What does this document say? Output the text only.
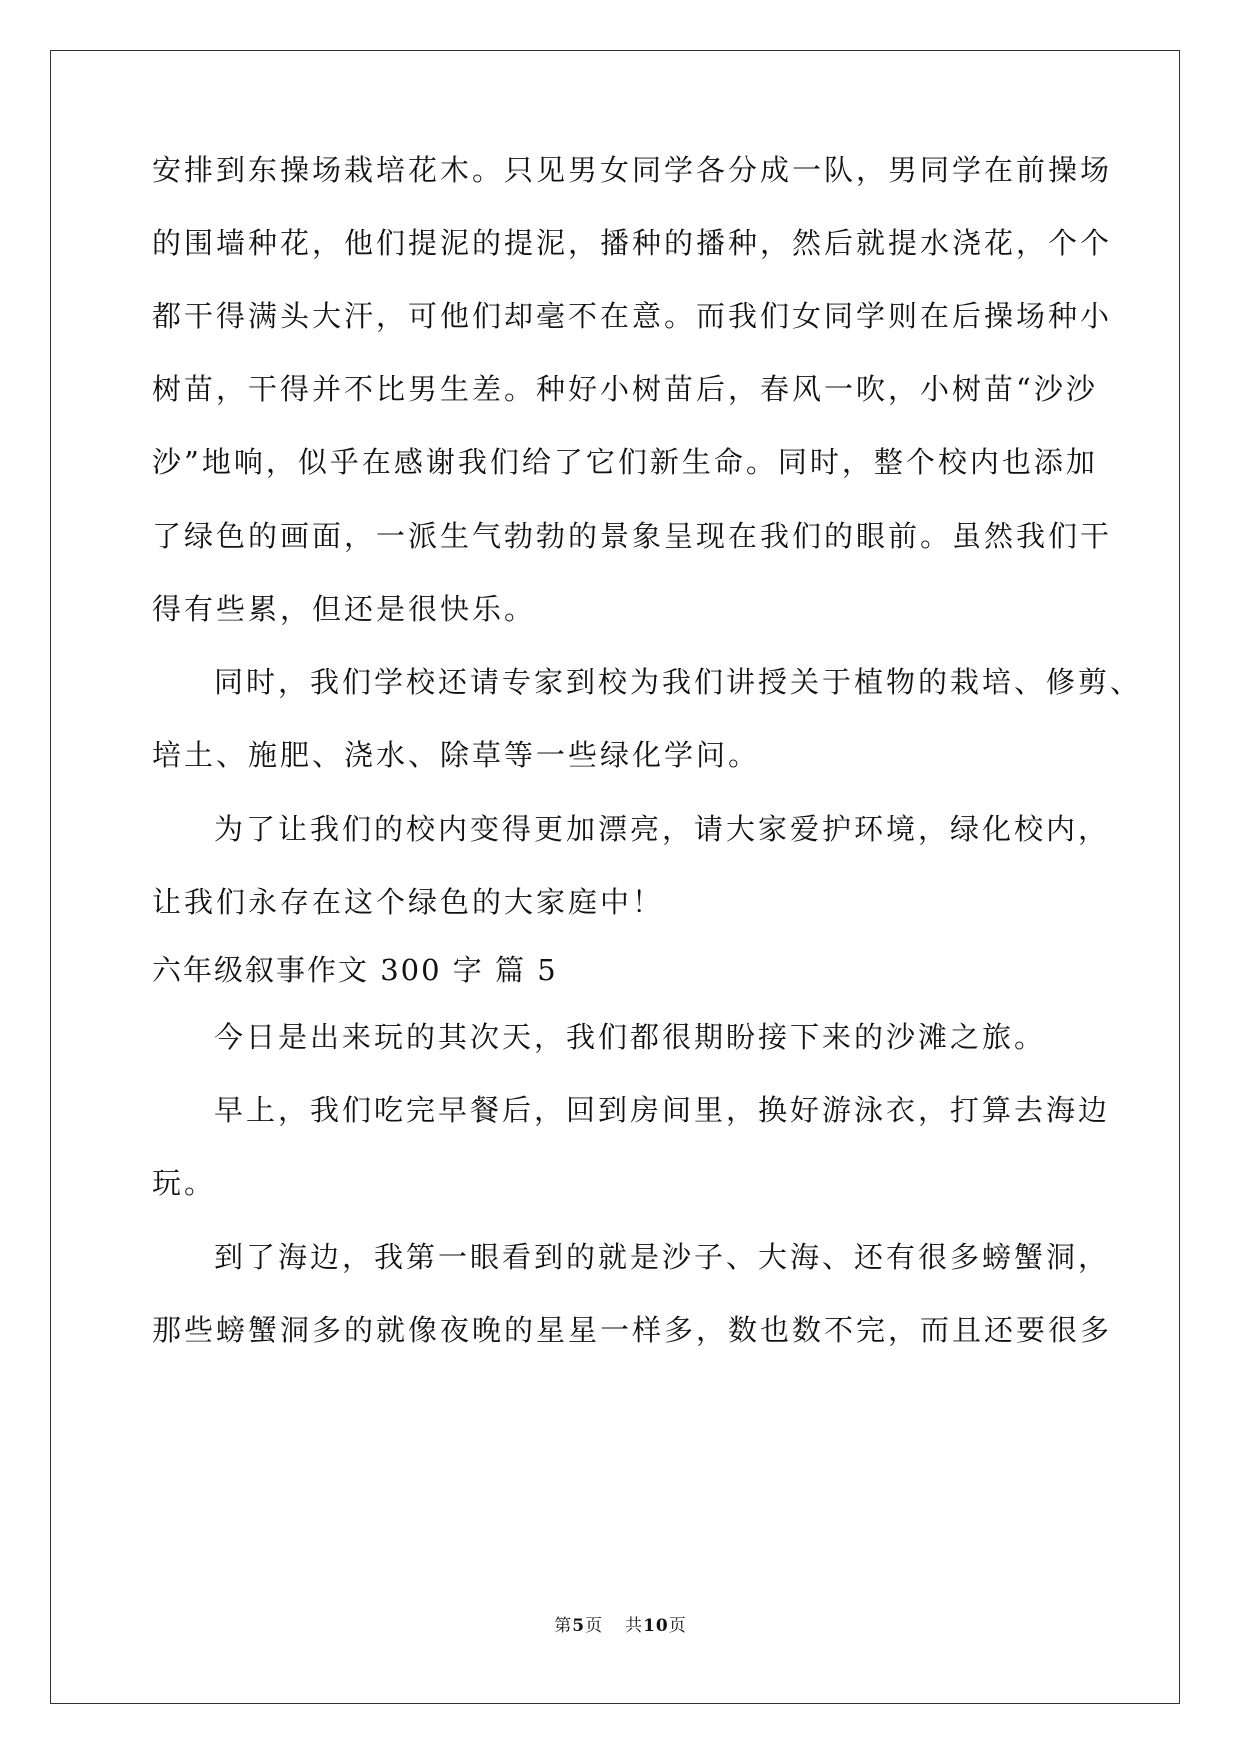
安排到东操场栽培花木。只见男女同学各分成一队，男同学在前操场
的围墙种花，他们提泥的提泥，播种的播种，然后就提水浇花，个个
都干得满头大汗，可他们却毫不在意。而我们女同学则在后操场种小
树苗，干得并不比男生差。种好小树苗后，春风一吹，小树苗“沙沙
沙”地响，似乎在感谢我们给了它们新生命。同时，整个校内也添加
了绿色的画面，一派生气勃勃的景象呈现在我们的眼前。虽然我们干
得有些累，但还是很快乐。
同时，我们学校还请专家到校为我们讲授关于植物的栽培、修剪、
培土、施肥、浇水、除草等一些绿化学问。
为了让我们的校内变得更加漂亮，请大家爱护环境，绿化校内，
让我们永存在这个绿色的大家庭中！
六年级叙事作文 300 字 篇 5
今日是出来玩的其次天，我们都很期盼接下来的沙滩之旅。
早上，我们吃完早餐后，回到房间里，换好游泳衣，打算去海边
玩。
到了海边，我第一眼看到的就是沙子、大海、还有很多螃蟹洞，
那些螃蟹洞多的就像夜晚的星星一样多，数也数不完，而且还要很多
第5页 共10页
